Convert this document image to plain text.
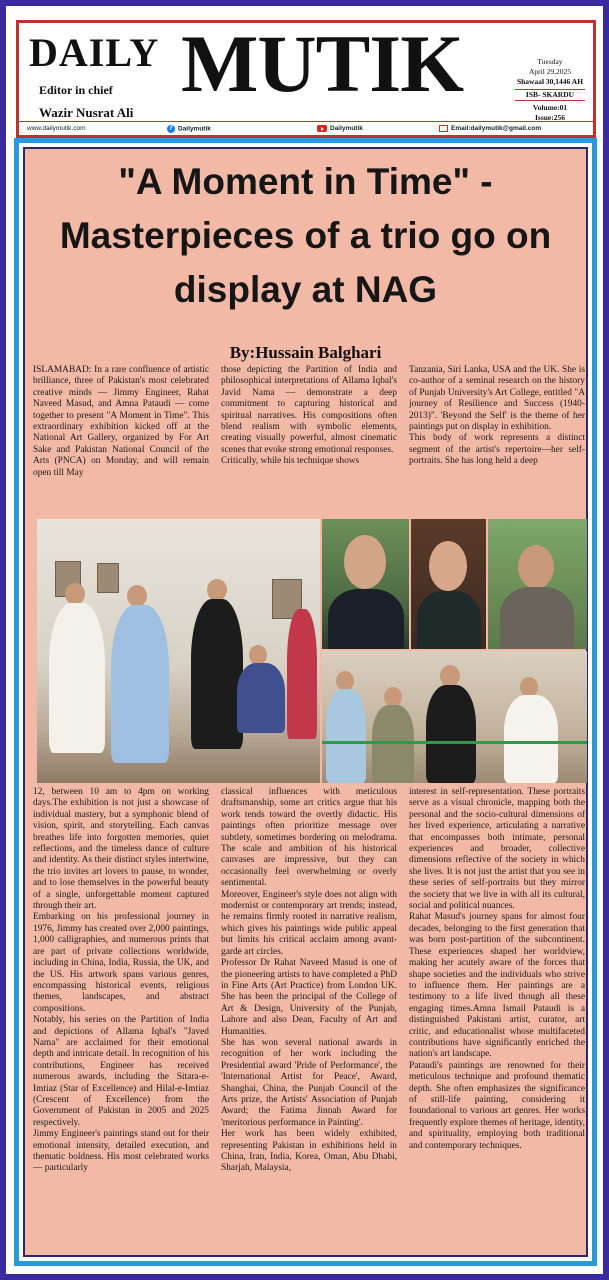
DAILY MUTIK
Editor in chief
Wazir Nusrat Ali
Tuesday
April 29,2025
Shawaal 30,1446 AH
ISB- SKARDU
Volume:01
Issue:256
www.dailymutik.com	f Dailymutik	Dailymutik	Email:dailymutik@gmail.com
"A Moment in Time" - Masterpieces of a trio go on display at NAG
By:Hussain Balghari

ISLAMABAD: In a rare confluence of artistic brilliance, three of Pakistan's most celebrated creative minds — Jimmy Engineer, Rahat Naveed Masud, and Amna Pataudi — come together to present "A Moment in Time". This extraordinary exhibition kicked off at the National Art Gallery, organized by For Art Sake and Pakistan National Council of the Arts (PNCA) on Monday, and will remain open till May

those depicting the Partition of India and philosophical interpretations of Allama Iqbal's Javid Nama — demonstrate a deep commitment to capturing historical and spiritual narratives. His compositions often blend realism with symbolic elements, creating visually powerful, almost cinematic scenes that evoke strong emotional responses.

Critically, while his technique shows

Tanzania, Siri Lanka, USA and the UK. She is co-author of a seminal research on the history of Punjab University's Art College, entitled "A journey of Resilience and Success (1940-2013)". 'Beyond the Self' is the theme of her paintings put on display in exhibition.

This body of work represents a distinct segment of the artist's repertoire—her self-portraits. She has long held a deep

12, between 10 am to 4pm on working days.The exhibition is not just a showcase of individual mastery, but a symphonic blend of vision, spirit, and storytelling. Each canvas breathes life into forgotten memories, quiet reflections, and the timeless dance of culture and identity. As their distinct styles intertwine, the trio invites art lovers to pause, to wonder, and to lose themselves in the powerful beauty of a single, unforgettable moment captured through their art.

Embarking on his professional journey in 1976, Jimmy has created over 2,000 paintings, 1,000 calligraphies, and numerous prints that are part of private collections worldwide, including in China, India, Russia, the UK, and the US. His artwork spans various genres, encompassing historical events, religious themes, landscapes, and abstract compositions.

Notably, his series on the Partition of India and depictions of Allama Iqbal's "Javed Nama" are acclaimed for their emotional depth and intricate detail. In recognition of his contributions, Engineer has received numerous awards, including the Sitara-e-Imtiaz (Star of Excellence) and Hilal-e-Imtiaz (Crescent of Excellence) from the Government of Pakistan in 2005 and 2025 respectively.

Jimmy Engineer's paintings stand out for their emotional intensity, detailed execution, and thematic boldness. His most celebrated works — particularly

classical influences with meticulous draftsmanship, some art critics argue that his work tends toward the overtly didactic. His paintings often prioritize message over subtlety, sometimes bordering on melodrama. The scale and ambition of his historical canvases are impressive, but they can occasionally feel overwhelming or overly sentimental.

Moreover, Engineer's style does not align with modernist or contemporary art trends; instead, he remains firmly rooted in narrative realism, which gives his paintings wide public appeal but limits his critical acclaim among avant-garde art circles.

Professor Dr Rahat Naveed Masud is one of the pioneering artists to have completed a PhD in Fine Arts (Art Practice) from London UK. She has been the principal of the College of Art & Design, University of the Punjab, Lahore and also Dean, Faculty of Art and Humanities.

She has won several national awards in recognition of her work including the Presidential award 'Pride of Performance', the 'International Artist for Peace', Award, Shanghai, China, the Punjab Council of the Arts prize, the Artists' Association of Punjab Award; the Fatima Jinnah Award for 'meritorious performance in Painting'.

Her work has been widely exhibited, representing Pakistan in exhibitions held in China, Iran, India, Korea, Oman, Abu Dhabi, Sharjah, Malaysia,

interest in self-representation. These portraits serve as a visual chronicle, mapping both the personal and the socio-cultural dimensions of her lived experience, articulating a narrative that encompasses both intimate, personal experiences and broader, collective dimensions reflective of the society in which she lives. It is not just the artist that you see in these series of self-portraits but they mirror the society that we live in with all its cultural, social and political nuances.

Rahat Masud's journey spans for almost four decades, belonging to the first generation that was born post-partition of the subcontinent. These experiences shaped her worldview, making her acutely aware of the forces that shape societies and the individuals who strive to influence them. Her paintings are a testimony to a life lived though all these engaging times.Amna Ismail Pataudi is a distinguished Pakistani artist, curator, art critic, and educationalist whose multifaceted contributions have significantly enriched the nation's art landscape.

Pataudi's paintings are renowned for their meticulous technique and profound thematic depth. She often emphasizes the significance of still-life painting, considering it foundational to various art genres. Her works frequently explore themes of heritage, identity, and spirituality, employing both traditional and contemporary techniques.
